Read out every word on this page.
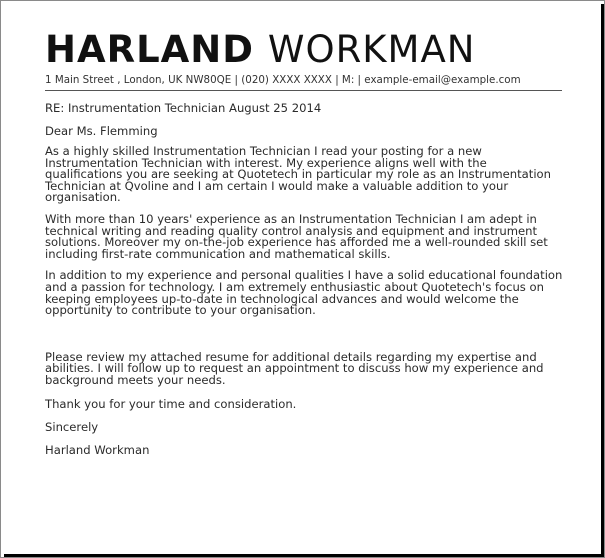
HARLAND WORKMAN
1 Main Street , London, UK NW80QE | (020) XXXX XXXX | M: | example-email@example.com
RE: Instrumentation Technician August 25 2014
Dear Ms. Flemming

As a highly skilled Instrumentation Technician I read your posting for a new Instrumentation Technician with interest. My experience aligns well with the qualifications you are seeking at Quotetech in particular my role as an Instrumentation Technician at Qvoline and I am certain I would make a valuable addition to your organisation.

With more than 10 years' experience as an Instrumentation Technician I am adept in technical writing and reading quality control analysis and equipment and instrument solutions. Moreover my on-the-job experience has afforded me a well-rounded skill set including first-rate communication and mathematical skills.

In addition to my experience and personal qualities I have a solid educational foundation and a passion for technology. I am extremely enthusiastic about Quotetech's focus on keeping employees up-to-date in technological advances and would welcome the opportunity to contribute to your organisation.

Please review my attached resume for additional details regarding my expertise and abilities. I will follow up to request an appointment to discuss how my experience and background meets your needs.

Thank you for your time and consideration.
Sincerely
Harland Workman
